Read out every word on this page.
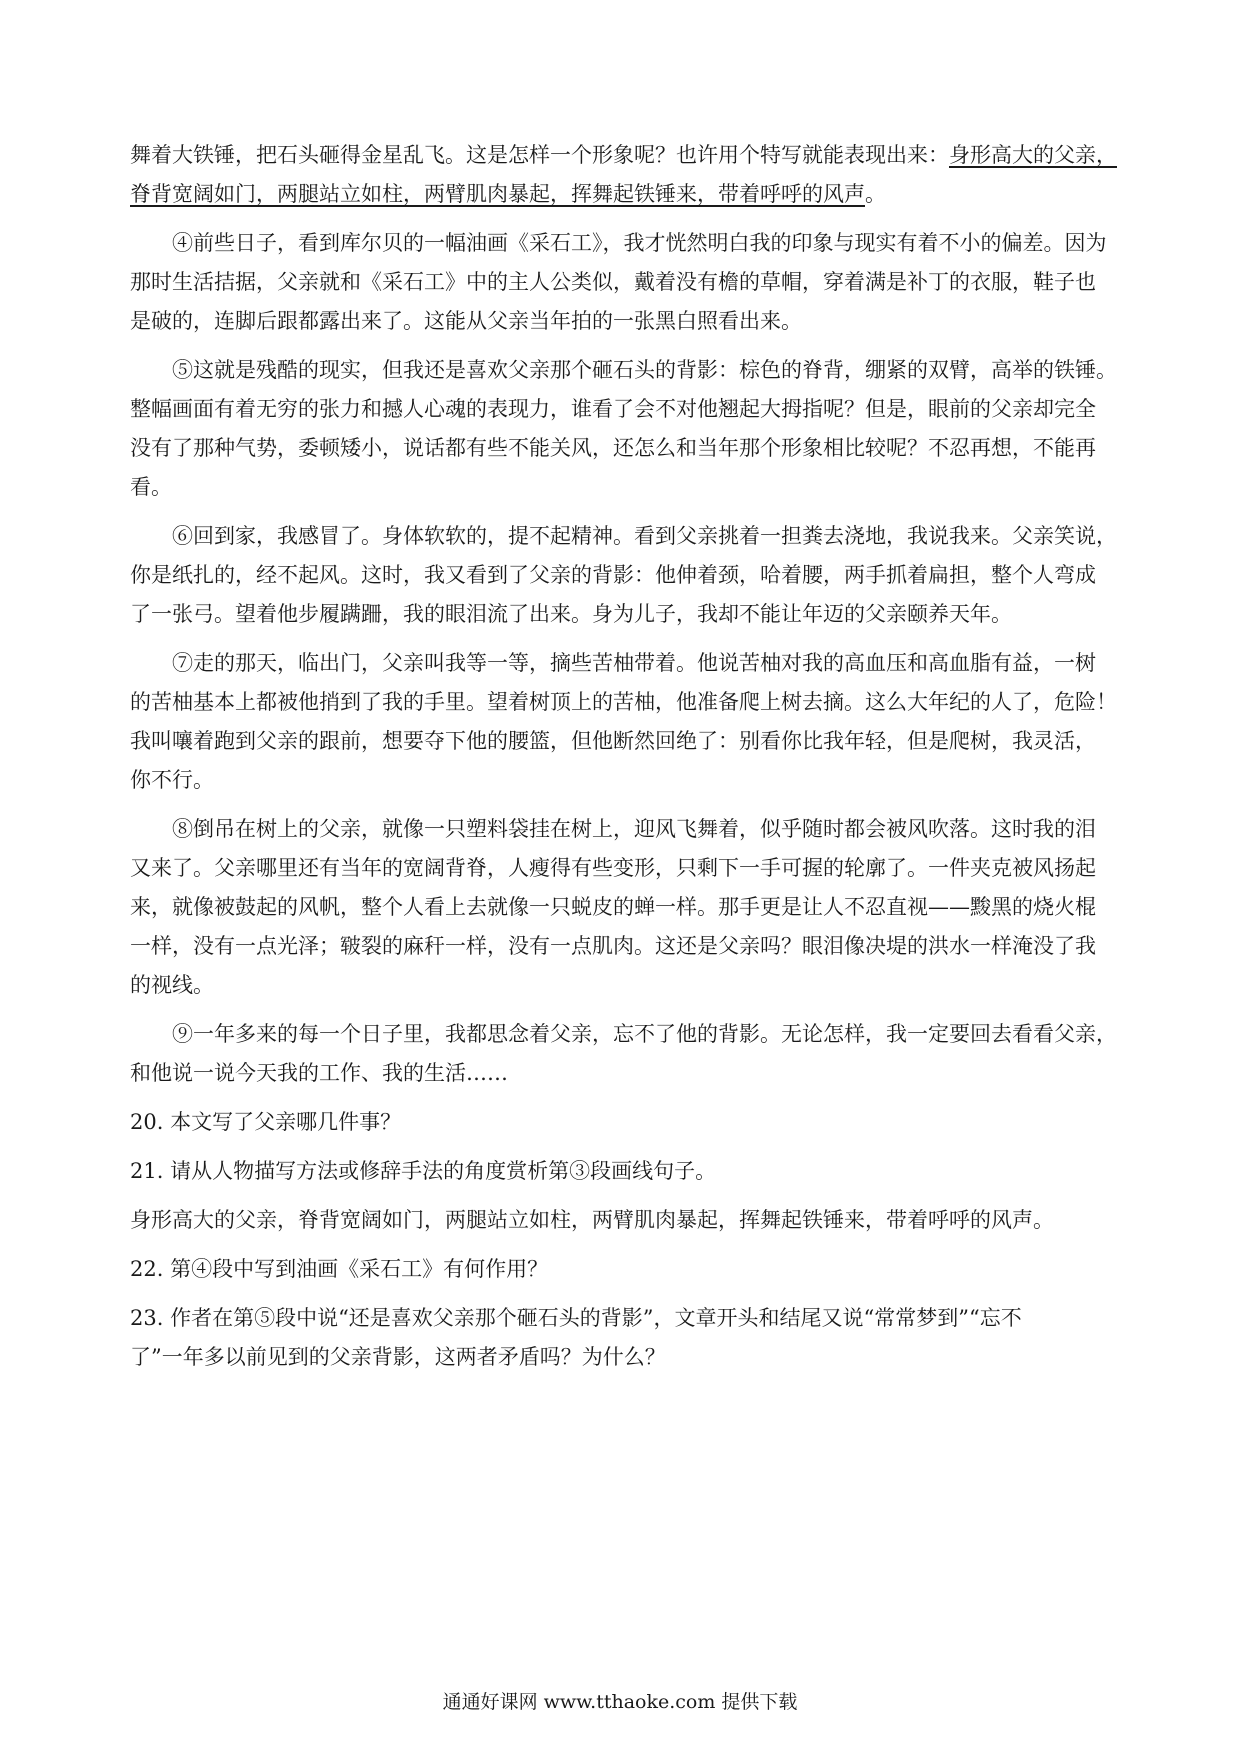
舞着大铁锤，把石头砸得金星乱飞。这是怎样一个形象呢？也许用个特写就能表现出来：身形高大的父亲，
脊背宽阔如门，两腿站立如柱，两臂肌肉暴起，挥舞起铁锤来，带着呼呼的风声。
④前些日子，看到库尔贝的一幅油画《采石工》，我才恍然明白我的印象与现实有着不小的偏差。因为
那时生活拮据，父亲就和《采石工》中的主人公类似，戴着没有檐的草帽，穿着满是补丁的衣服，鞋子也
是破的，连脚后跟都露出来了。这能从父亲当年拍的一张黑白照看出来。
⑤这就是残酷的现实，但我还是喜欢父亲那个砸石头的背影：棕色的脊背，绷紧的双臂，高举的铁锤。
整幅画面有着无穷的张力和撼人心魂的表现力，谁看了会不对他翘起大拇指呢？但是，眼前的父亲却完全
没有了那种气势，委顿矮小，说话都有些不能关风，还怎么和当年那个形象相比较呢？不忍再想，不能再
看。
⑥回到家，我感冒了。身体软软的，提不起精神。看到父亲挑着一担粪去浇地，我说我来。父亲笑说，
你是纸扎的，经不起风。这时，我又看到了父亲的背影：他伸着颈，哈着腰，两手抓着扁担，整个人弯成
了一张弓。望着他步履蹒跚，我的眼泪流了出来。身为儿子，我却不能让年迈的父亲颐养天年。
⑦走的那天，临出门，父亲叫我等一等，摘些苦柚带着。他说苦柚对我的高血压和高血脂有益，一树
的苦柚基本上都被他捎到了我的手里。望着树顶上的苦柚，他准备爬上树去摘。这么大年纪的人了，危险！
我叫嚷着跑到父亲的跟前，想要夺下他的腰篮，但他断然回绝了：别看你比我年轻，但是爬树，我灵活，
你不行。
⑧倒吊在树上的父亲，就像一只塑料袋挂在树上，迎风飞舞着，似乎随时都会被风吹落。这时我的泪
又来了。父亲哪里还有当年的宽阔背脊，人瘦得有些变形，只剩下一手可握的轮廓了。一件夹克被风扬起
来，就像被鼓起的风帆，整个人看上去就像一只蜕皮的蝉一样。那手更是让人不忍直视——黢黑的烧火棍
一样，没有一点光泽；皲裂的麻秆一样，没有一点肌肉。这还是父亲吗？眼泪像决堤的洪水一样淹没了我
的视线。
⑨一年多来的每一个日子里，我都思念着父亲，忘不了他的背影。无论怎样，我一定要回去看看父亲，
和他说一说今天我的工作、我的生活……
20. 本文写了父亲哪几件事？
21. 请从人物描写方法或修辞手法的角度赏析第③段画线句子。
身形高大的父亲，脊背宽阔如门，两腿站立如柱，两臂肌肉暴起，挥舞起铁锤来，带着呼呼的风声。
22. 第④段中写到油画《采石工》有何作用？
23. 作者在第⑤段中说“还是喜欢父亲那个砸石头的背影”，文章开头和结尾又说“常常梦到”“忘不
了”一年多以前见到的父亲背影，这两者矛盾吗？为什么？
通通好课网 www.tthaoke.com 提供下载
